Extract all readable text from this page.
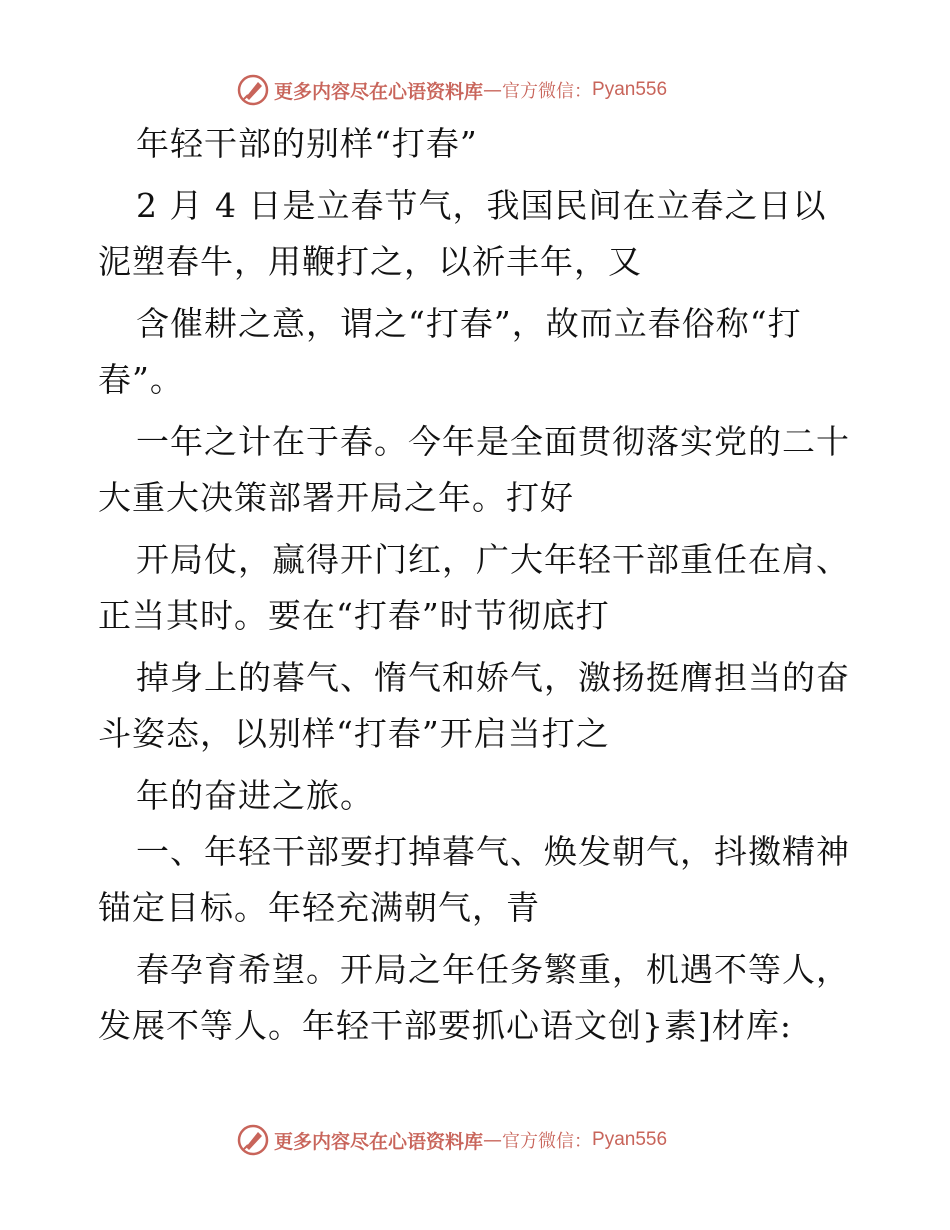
更多内容尽在心语资料库 — 官方微信： Pyan556
年轻干部的别样“打春”
2 月 4 日是立春节气，我国民间在立春之日以
泥塑春牛，用鞭打之，以祈丰年，又
含催耕之意，谓之“打春”，故而立春俗称“打
春”。
一年之计在于春。今年是全面贯彻落实党的二十
大重大决策部署开局之年。打好
开局仗，赢得开门红，广大年轻干部重任在肩、
正当其时。要在“打春”时节彻底打
掉身上的暮气、惰气和娇气，激扬挺膺担当的奋
斗姿态，以别样“打春”开启当打之
年的奋进之旅。
一、年轻干部要打掉暮气、焕发朝气，抖擞精神
锚定目标。年轻充满朝气，青
春孕育希望。开局之年任务繁重，机遇不等人，
发展不等人。年轻干部要抓心语文创}素]材库:
更多内容尽在心语资料库 — 官方微信： Pyan556
